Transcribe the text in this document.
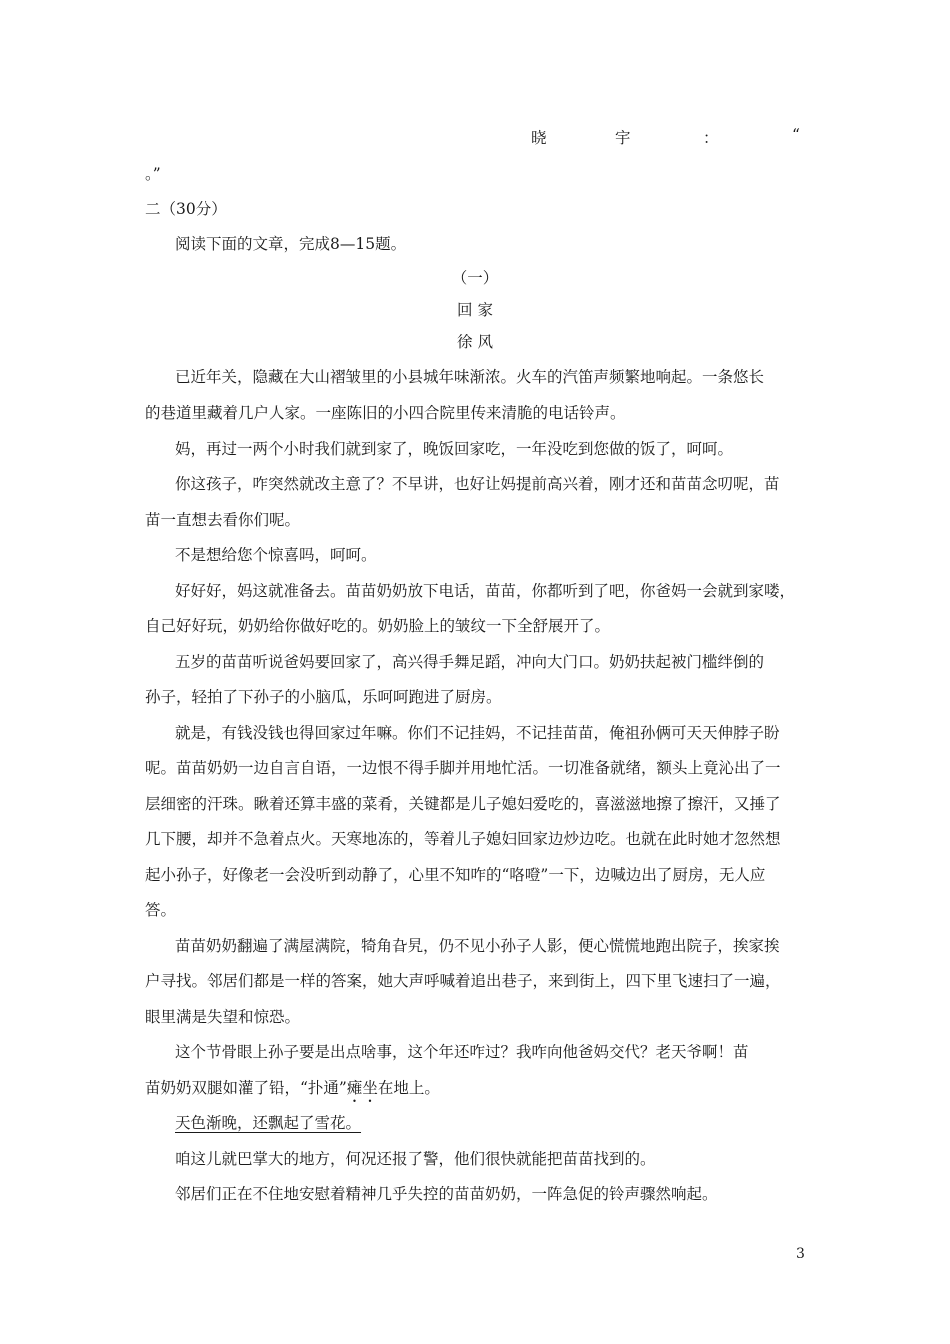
晓	宇	：	“
。”
二（30分）
阅读下面的文章，完成8—15题。
（一）
回 家
徐 风
已近年关，隐藏在大山褶皱里的小县城年味渐浓。火车的汽笛声频繁地响起。一条悠长
的巷道里藏着几户人家。一座陈旧的小四合院里传来清脆的电话铃声。
妈，再过一两个小时我们就到家了，晚饭回家吃，一年没吃到您做的饭了，呵呵。
你这孩子，咋突然就改主意了？不早讲，也好让妈提前高兴着，刚才还和苗苗念叨呢，苗
苗一直想去看你们呢。
不是想给您个惊喜吗，呵呵。
好好好，妈这就准备去。苗苗奶奶放下电话，苗苗，你都听到了吧，你爸妈一会就到家喽，
自己好好玩，奶奶给你做好吃的。奶奶脸上的皱纹一下全舒展开了。
五岁的苗苗听说爸妈要回家了，高兴得手舞足蹈，冲向大门口。奶奶扶起被门槛绊倒的
孙子，轻拍了下孙子的小脑瓜，乐呵呵跑进了厨房。
就是，有钱没钱也得回家过年嘛。你们不记挂妈，不记挂苗苗，俺祖孙俩可天天伸脖子盼
呢。苗苗奶奶一边自言自语，一边恨不得手脚并用地忙活。一切准备就绪，额头上竟沁出了一
层细密的汗珠。瞅着还算丰盛的菜肴，关键都是儿子媳妇爱吃的，喜滋滋地擦了擦汗，又捶了
几下腰，却并不急着点火。天寒地冻的，等着儿子媳妇回家边炒边吃。也就在此时她才忽然想
起小孙子，好像老一会没听到动静了，心里不知咋的“咯噔”一下，边喊边出了厨房，无人应
答。
苗苗奶奶翻遍了满屋满院，犄角旮旯，仍不见小孙子人影，便心慌慌地跑出院子，挨家挨
户寻找。邻居们都是一样的答案，她大声呼喊着追出巷子，来到街上，四下里飞速扫了一遍，
眼里满是失望和惊恐。
这个节骨眼上孙子要是出点啥事，这个年还咋过？我咋向他爸妈交代？老天爷啊！苗
苗奶奶双腿如灌了铅，“扑通”瘫坐在地上。
天色渐晚，还飘起了雪花。
咱这儿就巴掌大的地方，何况还报了警，他们很快就能把苗苗找到的。
邻居们正在不住地安慰着精神几乎失控的苗苗奶奶，一阵急促的铃声骤然响起。
3
